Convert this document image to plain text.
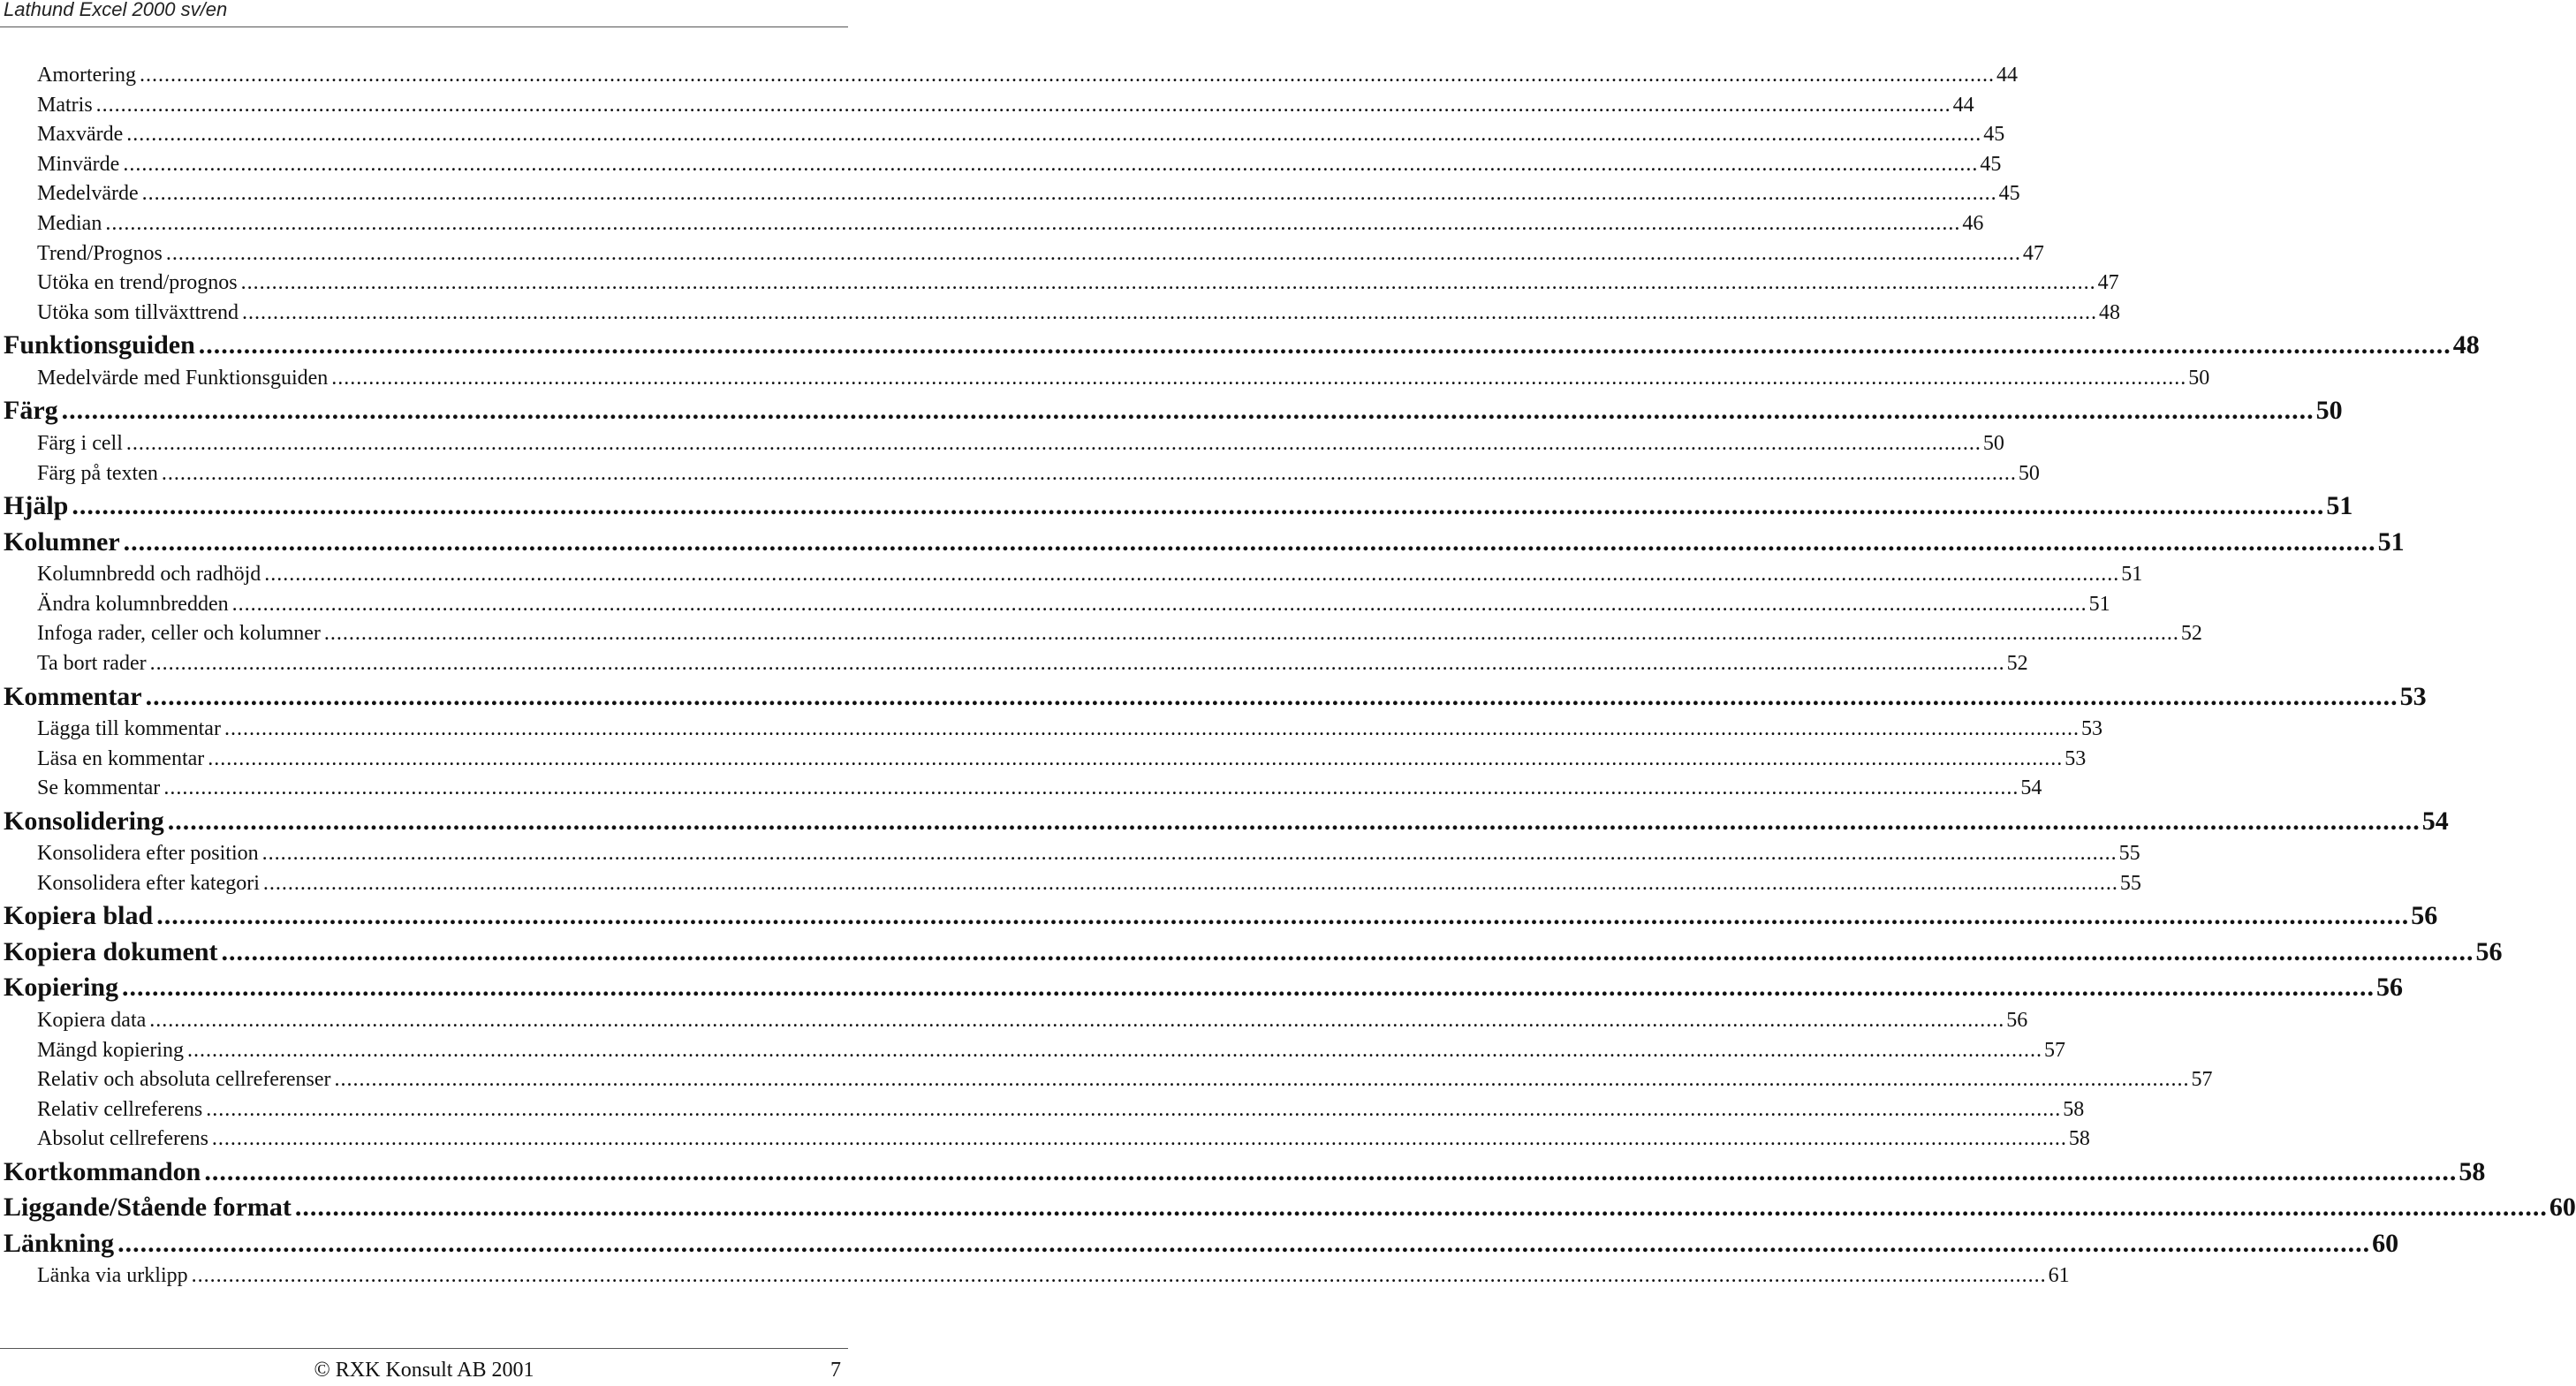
Lathund Excel 2000 sv/en
Amortering ............................................................................................................................................................................................................................................................................................................ 44
Matris ............................................................................................................................................................................................................................................................................................................ 44
Maxvärde ............................................................................................................................................................................................................................................................................................................ 45
Minvärde ............................................................................................................................................................................................................................................................................................................ 45
Medelvärde ............................................................................................................................................................................................................................................................................................................ 45
Median ............................................................................................................................................................................................................................................................................................................ 46
Trend/Prognos ............................................................................................................................................................................................................................................................................................................ 47
Utöka en trend/prognos ............................................................................................................................................................................................................................................................................................................ 47
Utöka som tillväxttrend ............................................................................................................................................................................................................................................................................................................ 48
Funktionsguiden ............................................................................................................................................................................................................................................................................................................ 48
Medelvärde med Funktionsguiden ............................................................................................................................................................................................................................................................................................................ 50
Färg ............................................................................................................................................................................................................................................................................................................ 50
Färg i cell ............................................................................................................................................................................................................................................................................................................ 50
Färg på texten ............................................................................................................................................................................................................................................................................................................ 50
Hjälp ............................................................................................................................................................................................................................................................................................................ 51
Kolumner ............................................................................................................................................................................................................................................................................................................ 51
Kolumnbredd och radhöjd ............................................................................................................................................................................................................................................................................................................ 51
Ändra kolumnbredden ............................................................................................................................................................................................................................................................................................................ 51
Infoga rader, celler och kolumner ............................................................................................................................................................................................................................................................................................................ 52
Ta bort rader ............................................................................................................................................................................................................................................................................................................ 52
Kommentar ............................................................................................................................................................................................................................................................................................................ 53
Lägga till kommentar ............................................................................................................................................................................................................................................................................................................ 53
Läsa en kommentar ............................................................................................................................................................................................................................................................................................................ 53
Se kommentar ............................................................................................................................................................................................................................................................................................................ 54
Konsolidering ............................................................................................................................................................................................................................................................................................................ 54
Konsolidera efter position ............................................................................................................................................................................................................................................................................................................ 55
Konsolidera efter kategori ............................................................................................................................................................................................................................................................................................................ 55
Kopiera blad ............................................................................................................................................................................................................................................................................................................ 56
Kopiera dokument ............................................................................................................................................................................................................................................................................................................ 56
Kopiering ............................................................................................................................................................................................................................................................................................................ 56
Kopiera data ............................................................................................................................................................................................................................................................................................................ 56
Mängd kopiering ............................................................................................................................................................................................................................................................................................................ 57
Relativ och absoluta cellreferenser ............................................................................................................................................................................................................................................................................................................ 57
Relativ cellreferens ............................................................................................................................................................................................................................................................................................................ 58
Absolut cellreferens ............................................................................................................................................................................................................................................................................................................ 58
Kortkommandon ............................................................................................................................................................................................................................................................................................................ 58
Liggande/Stående format ............................................................................................................................................................................................................................................................................................................ 60
Länkning ............................................................................................................................................................................................................................................................................................................ 60
Länka via urklipp ............................................................................................................................................................................................................................................................................................................ 61
© RXK Konsult AB 2001	7
